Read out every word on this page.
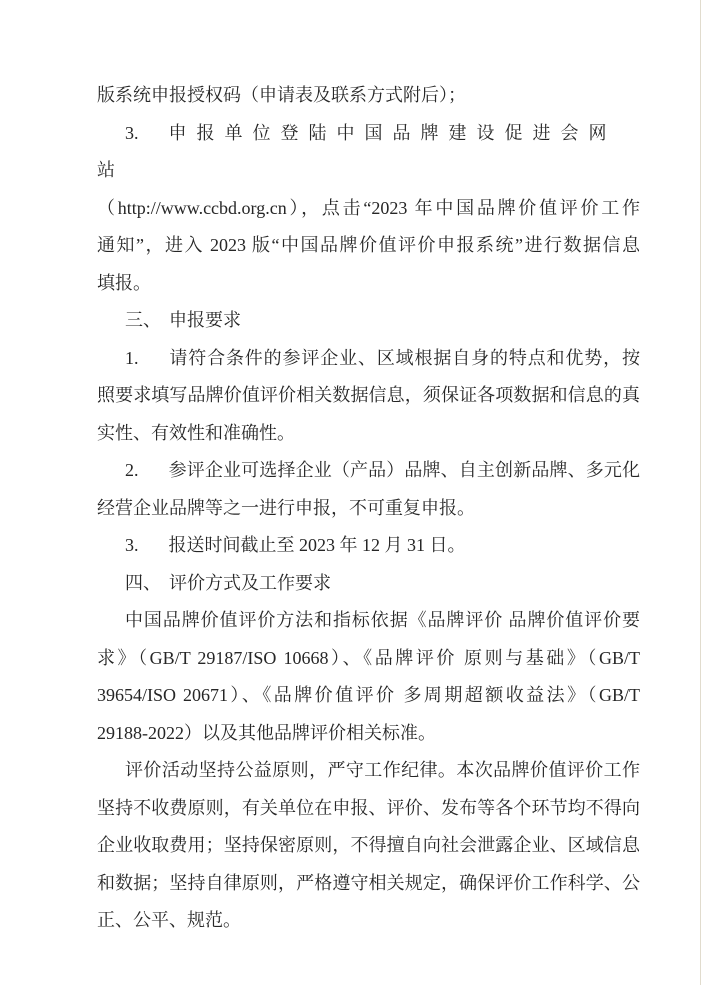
版系统申报授权码（申请表及联系方式附后）；
3. 申报单位登陆中国品牌建设促进会网站
（http://www.ccbd.org.cn），点击“2023 年中国品牌价值评价工作
通知”，进入 2023 版“中国品牌价值评价申报系统”进行数据信息
填报。
三、 申报要求
1. 请符合条件的参评企业、区域根据自身的特点和优势，按
照要求填写品牌价值评价相关数据信息，须保证各项数据和信息的真
实性、有效性和准确性。
2. 参评企业可选择企业（产品）品牌、自主创新品牌、多元化
经营企业品牌等之一进行申报，不可重复申报。
3. 报送时间截止至 2023 年 12 月 31 日。
四、 评价方式及工作要求
中国品牌价值评价方法和指标依据《品牌评价 品牌价值评价要
求》（GB/T 29187/ISO 10668）、《品牌评价 原则与基础》（GB/T
39654/ISO 20671）、《品牌价值评价 多周期超额收益法》（GB/T
29188-2022）以及其他品牌评价相关标准。
评价活动坚持公益原则，严守工作纪律。本次品牌价值评价工作
坚持不收费原则，有关单位在申报、评价、发布等各个环节均不得向
企业收取费用；坚持保密原则，不得擅自向社会泄露企业、区域信息
和数据；坚持自律原则，严格遵守相关规定，确保评价工作科学、公
正、公平、规范。
